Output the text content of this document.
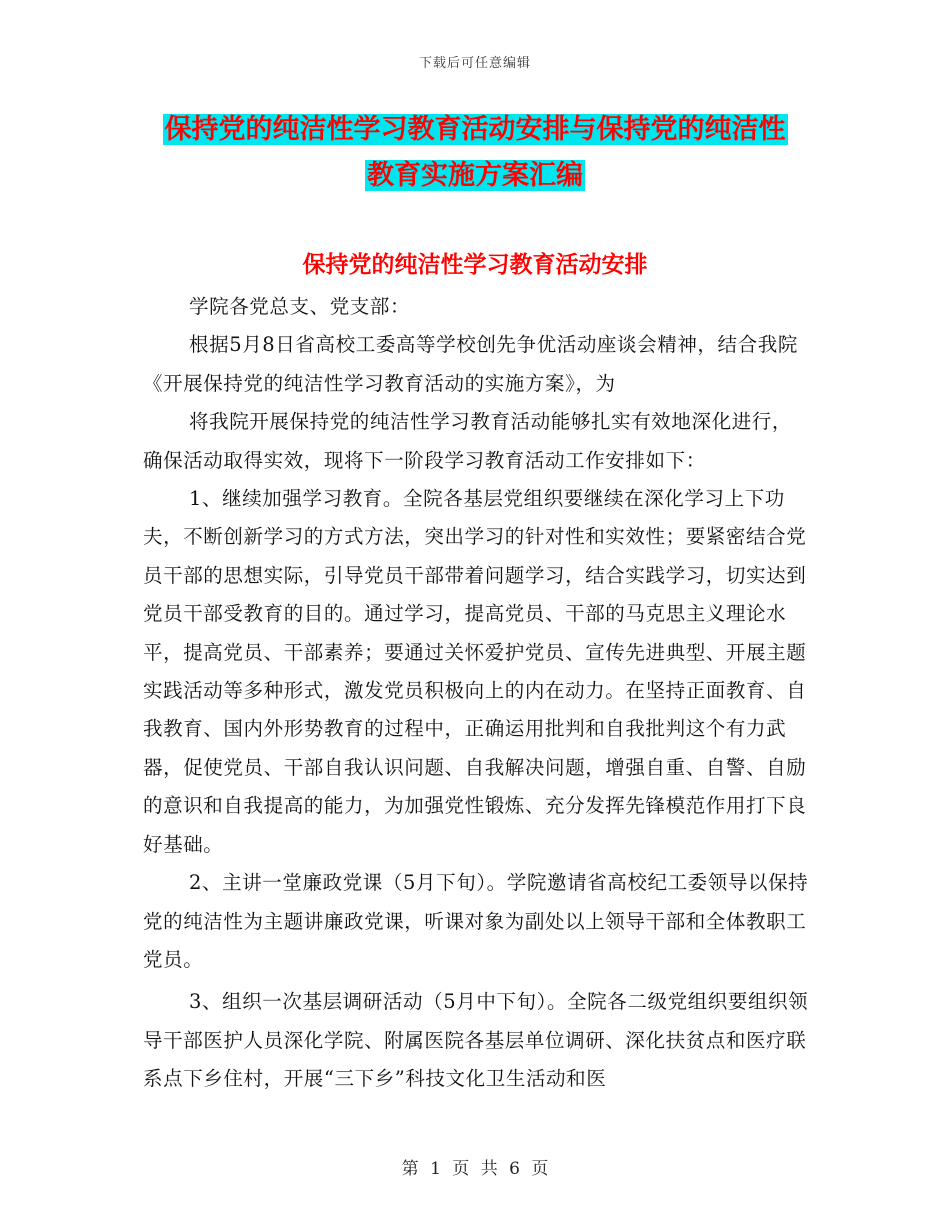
下载后可任意编辑
保持党的纯洁性学习教育活动安排与保持党的纯洁性
教育实施方案汇编
保持党的纯洁性学习教育活动安排

学院各党总支、党支部：

根据5月8日省高校工委高等学校创先争优活动座谈会精神，结合我院《开展保持党的纯洁性学习教育活动的实施方案》，为

将我院开展保持党的纯洁性学习教育活动能够扎实有效地深化进行，确保活动取得实效，现将下一阶段学习教育活动工作安排如下：

1、继续加强学习教育。全院各基层党组织要继续在深化学习上下功夫，不断创新学习的方式方法，突出学习的针对性和实效性；要紧密结合党员干部的思想实际，引导党员干部带着问题学习，结合实践学习，切实达到党员干部受教育的目的。通过学习，提高党员、干部的马克思主义理论水平，提高党员、干部素养；要通过关怀爱护党员、宣传先进典型、开展主题实践活动等多种形式，激发党员积极向上的内在动力。在坚持正面教育、自我教育、国内外形势教育的过程中，正确运用批判和自我批判这个有力武器，促使党员、干部自我认识问题、自我解决问题，增强自重、自警、自励的意识和自我提高的能力，为加强党性锻炼、充分发挥先锋模范作用打下良好基础。

2、主讲一堂廉政党课（5月下旬）。学院邀请省高校纪工委领导以保持党的纯洁性为主题讲廉政党课，听课对象为副处以上领导干部和全体教职工党员。

3、组织一次基层调研活动（5月中下旬）。全院各二级党组织要组织领导干部医护人员深化学院、附属医院各基层单位调研、深化扶贫点和医疗联系点下乡住村，开展“三下乡”科技文化卫生活动和医

第 1 页 共 6 页
